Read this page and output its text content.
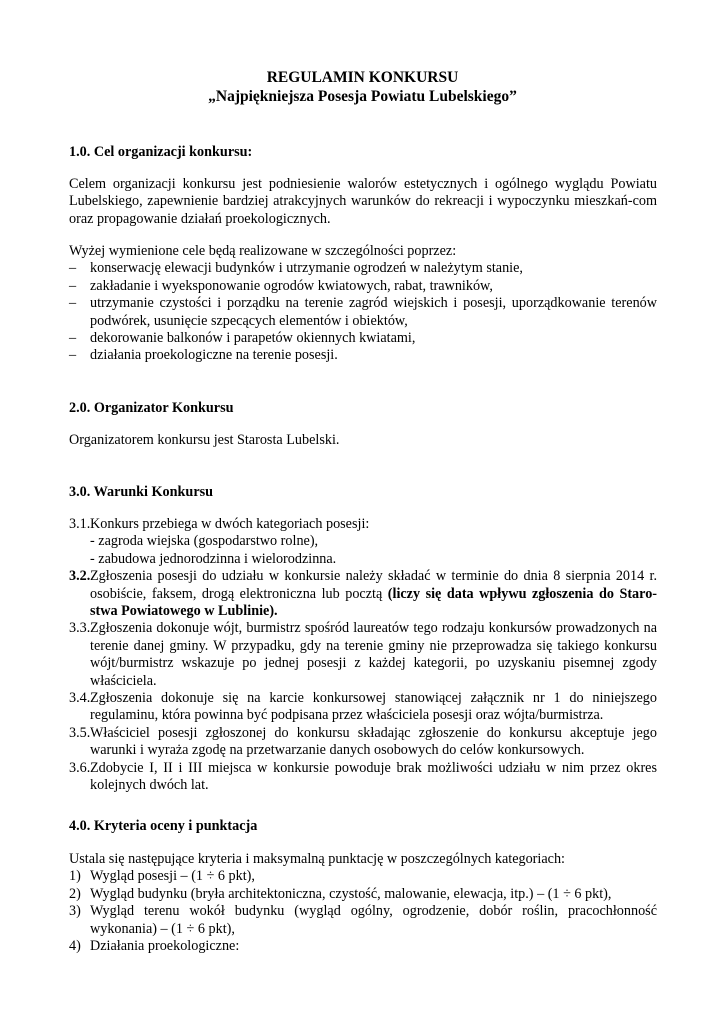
REGULAMIN KONKURSU
„Najpiękniejsza Posesja Powiatu Lubelskiego”
1.0. Cel organizacji konkursu:
Celem organizacji konkursu jest podniesienie walorów estetycznych i ogólnego wyglądu Powiatu Lubelskiego, zapewnienie bardziej atrakcyjnych warunków do rekreacji i wypoczynku mieszkań-com oraz propagowanie działań proekologicznych.
Wyżej wymienione cele będą realizowane w szczególności poprzez:
– konserwację elewacji budynków i utrzymanie ogrodzeń w należytym stanie,
– zakładanie i wyeksponowanie ogrodów kwiatowych, rabat, trawników,
– utrzymanie czystości i porządku na terenie zagród wiejskich i posesji, uporządkowanie terenów podwórek, usunięcie szpecących elementów i obiektów,
– dekorowanie balkonów i parapetów okiennych kwiatami,
– działania proekologiczne na terenie posesji.
2.0. Organizator Konkursu
Organizatorem konkursu jest Starosta Lubelski.
3.0. Warunki Konkursu
3.1. Konkurs przebiega w dwóch kategoriach posesji:
- zagroda wiejska (gospodarstwo rolne),
- zabudowa jednorodzinna i wielorodzinna.
3.2. Zgłoszenia posesji do udziału w konkursie należy składać w terminie do dnia 8 sierpnia 2014 r. osobiście, faksem, drogą elektroniczna lub pocztą (liczy się data wpływu zgłoszenia do Staro-stwa Powiatowego w Lublinie).
3.3. Zgłoszenia dokonuje wójt, burmistrz spośród laureatów tego rodzaju konkursów prowadzonych na terenie danej gminy. W przypadku, gdy na terenie gminy nie przeprowadza się takiego konkursu wójt/burmistrz wskazuje po jednej posesji z każdej kategorii, po uzyskaniu pisemnej zgody właściciela.
3.4. Zgłoszenia dokonuje się na karcie konkursowej stanowiącej załącznik nr 1 do niniejszego regulaminu, która powinna być podpisana przez właściciela posesji oraz wójta/burmistrza.
3.5. Właściciel posesji zgłoszonej do konkursu składając zgłoszenie do konkursu akceptuje jego warunki i wyraża zgodę na przetwarzanie danych osobowych do celów konkursowych.
3.6. Zdobycie I, II i III miejsca w konkursie powoduje brak możliwości udziału w nim przez okres kolejnych dwóch lat.
4.0. Kryteria oceny i punktacja
Ustala się następujące kryteria i maksymalną punktację w poszczególnych kategoriach:
1) Wygląd posesji – (1 ÷ 6 pkt),
2) Wygląd budynku (bryła architektoniczna, czystość, malowanie, elewacja, itp.) – (1 ÷ 6 pkt),
3) Wygląd terenu wokół budynku (wygląd ogólny, ogrodzenie, dobór roślin, pracochłonność wykonania) – (1 ÷ 6 pkt),
4) Działania proekologiczne:
